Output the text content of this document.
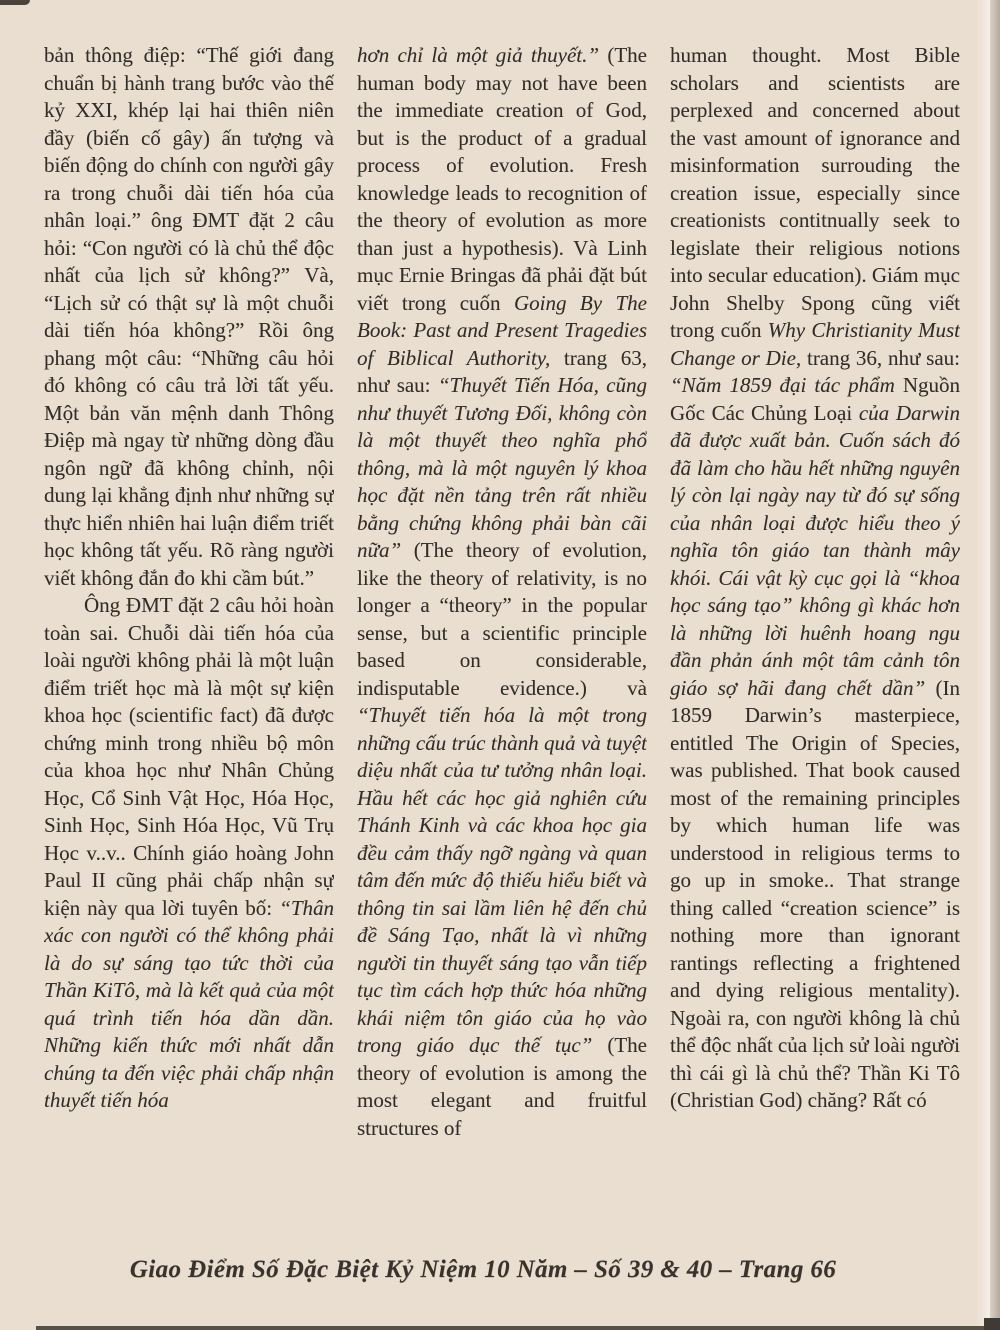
bản thông điệp: “Thế giới đang chuẩn bị hành trang bước vào thế kỷ XXI, khép lại hai thiên niên đầy (biến cố gây) ấn tượng và biến động do chính con người gây ra trong chuỗi dài tiến hóa của nhân loại.” ông ĐMT đặt 2 câu hỏi: “Con người có là chủ thể độc nhất của lịch sử không?” Và, “Lịch sử có thật sự là một chuỗi dài tiến hóa không?” Rồi ông phang một câu: “Những câu hỏi đó không có câu trả lời tất yếu. Một bản văn mệnh danh Thông Điệp mà ngay từ những dòng đầu ngôn ngữ đã không chỉnh, nội dung lại khẳng định như những sự thực hiển nhiên hai luận điểm triết học không tất yếu. Rõ ràng người viết không đắn đo khi cầm bút.”

Ông ĐMT đặt 2 câu hỏi hoàn toàn sai. Chuỗi dài tiến hóa của loài người không phải là một luận điểm triết học mà là một sự kiện khoa học (scientific fact) đã được chứng minh trong nhiều bộ môn của khoa học như Nhân Chủng Học, Cổ Sinh Vật Học, Hóa Học, Sinh Học, Sinh Hóa Học, Vũ Trụ Học v..v.. Chính giáo hoàng John Paul II cũng phải chấp nhận sự kiện này qua lời tuyên bố: “Thân xác con người có thể không phải là do sự sáng tạo tức thời của Thần KiTô, mà là kết quả của một quá trình tiến hóa dần dần. Những kiến thức mới nhất dẫn chúng ta đến việc phải chấp nhận thuyết tiến hóa

hơn chỉ là một giả thuyết.” (The human body may not have been the immediate creation of God, but is the product of a gradual process of evolution. Fresh knowledge leads to recognition of the theory of evolution as more than just a hypothesis). Và Linh mục Ernie Bringas đã phải đặt bút viết trong cuốn Going By The Book: Past and Present Tragedies of Biblical Authority, trang 63, như sau: “Thuyết Tiến Hóa, cũng như thuyết Tương Đối, không còn là một thuyết theo nghĩa phổ thông, mà là một nguyên lý khoa học đặt nền tảng trên rất nhiều bằng chứng không phải bàn cãi nữa” (The theory of evolution, like the theory of relativity, is no longer a “theory” in the popular sense, but a scientific principle based on considerable, indisputable evidence.) và “Thuyết tiến hóa là một trong những cấu trúc thành quả và tuyệt diệu nhất của tư tưởng nhân loại. Hầu hết các học giả nghiên cứu Thánh Kinh và các khoa học gia đều cảm thấy ngỡ ngàng và quan tâm đến mức độ thiếu hiểu biết và thông tin sai lầm liên hệ đến chủ đề Sáng Tạo, nhất là vì những người tin thuyết sáng tạo vẫn tiếp tục tìm cách hợp thức hóa những khái niệm tôn giáo của họ vào trong giáo dục thế tục” (The theory of evolution is among the most elegant and fruitful structures of

human thought. Most Bible scholars and scientists are perplexed and concerned about the vast amount of ignorance and misinformation surrouding the creation issue, especially since creationists contitnually seek to legislate their religious notions into secular education). Giám mục John Shelby Spong cũng viết trong cuốn Why Christianity Must Change or Die, trang 36, như sau: “Năm 1859 đại tác phẩm Nguồn Gốc Các Chủng Loại của Darwin đã được xuất bản. Cuốn sách đó đã làm cho hầu hết những nguyên lý còn lại ngày nay từ đó sự sống của nhân loại được hiểu theo ý nghĩa tôn giáo tan thành mây khói. Cái vật kỳ cục gọi là “khoa học sáng tạo” không gì khác hơn là những lời huênh hoang ngu đần phản ánh một tâm cảnh tôn giáo sợ hãi đang chết dần” (In 1859 Darwin’s masterpiece, entitled The Origin of Species, was published. That book caused most of the remaining principles by which human life was understood in religious terms to go up in smoke.. That strange thing called “creation science” is nothing more than ignorant rantings reflecting a frightened and dying religious mentality). Ngoài ra, con người không là chủ thể độc nhất của lịch sử loài người thì cái gì là chủ thể? Thần Ki Tô (Christian God) chăng? Rất có

Giao Điểm Số Đặc Biệt Kỷ Niệm 10 Năm – Số 39 & 40 – Trang 66
